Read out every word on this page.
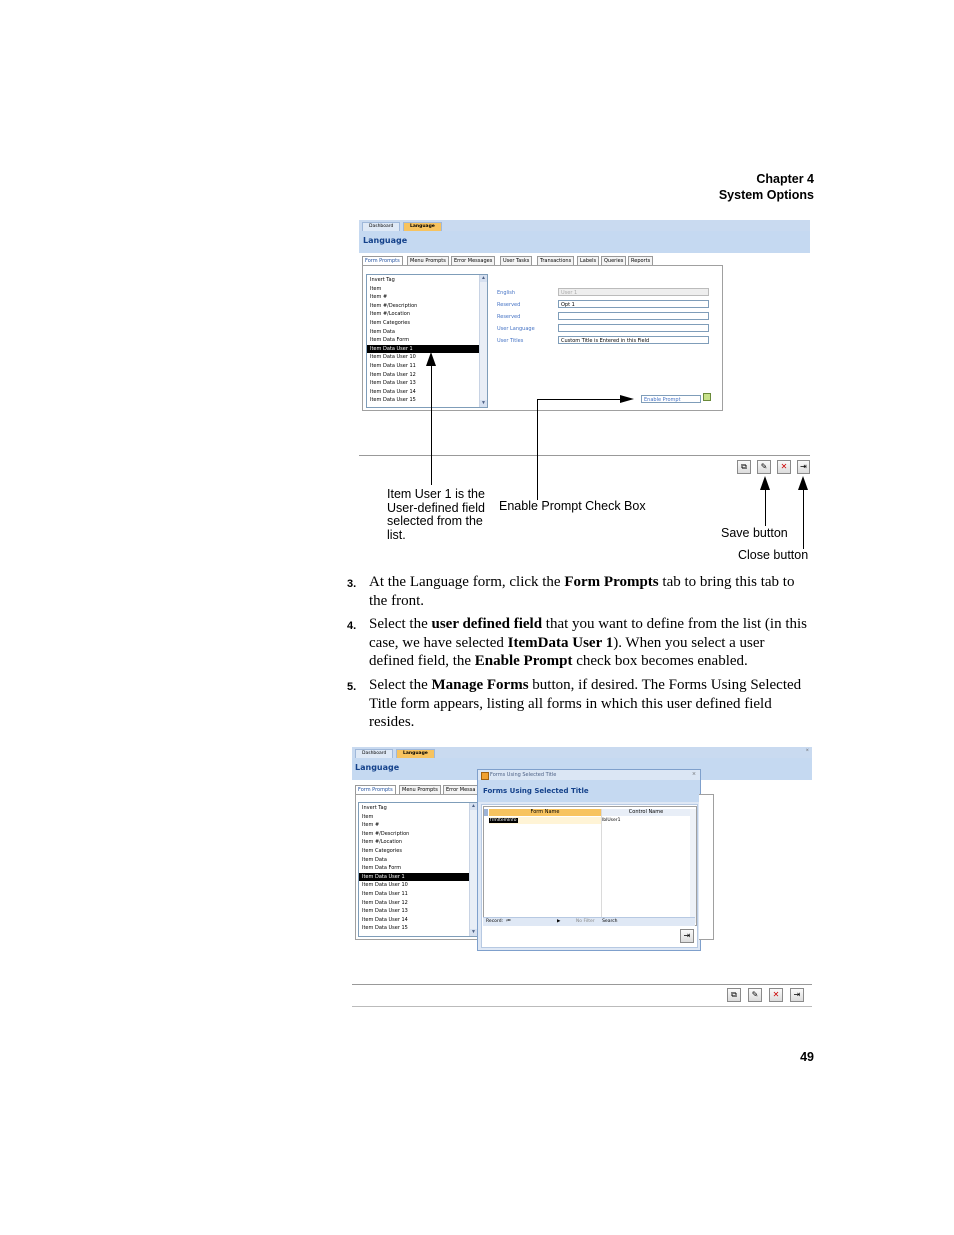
Chapter 4
System Options
Dashboard	Language
Language
Form Prompts	Menu Prompts	Error Messages	User Tasks	Transactions	Labels	Queries	Reports
Invert Tag
Item
Item #
Item #/Description
Item #/Location
Item Categories
Item Data
Item Data Form
Item Data User 1
Item Data User 10
Item Data User 11
Item Data User 12
Item Data User 13
Item Data User 14
Item Data User 15
▲
▼
English	User 1
Reserved	Opt 1
Reserved
User Language
User Titles	Custom Title is Entered in this Field
Enable Prompt
⧉	✎	✕	⇥
Item User 1 is the
User-defined field
selected from the
list.
Enable Prompt Check Box
Save button
Close button
3. At the Language form, click the Form Prompts tab to bring this tab to the front.
4. Select the user defined field that you want to define from the list (in this case, we have selected ItemData User 1). When you select a user defined field, the Enable Prompt check box becomes enabled.
5. Select the Manage Forms button, if desired. The Forms Using Selected Title form appears, listing all forms in which this user defined field resides.
Dashboard	Language	×
Language
Form Prompts	Menu Prompts	Error Messa
Invert Tag
Item
Item #
Item #/Description
Item #/Location
Item Categories
Item Data
Item Data Form
Item Data User 1
Item Data User 10
Item Data User 11
Item Data User 12
Item Data User 13
Item Data User 14
Item Data User 15
▲
▼
Forms Using Selected Title	×
Forms Using Selected Title
Form Name	Control Name
frmItemInfo	lblUser1
Record: ⏮	▶	No Filter Search
⇥
⧉	✎	✕	⇥
49
